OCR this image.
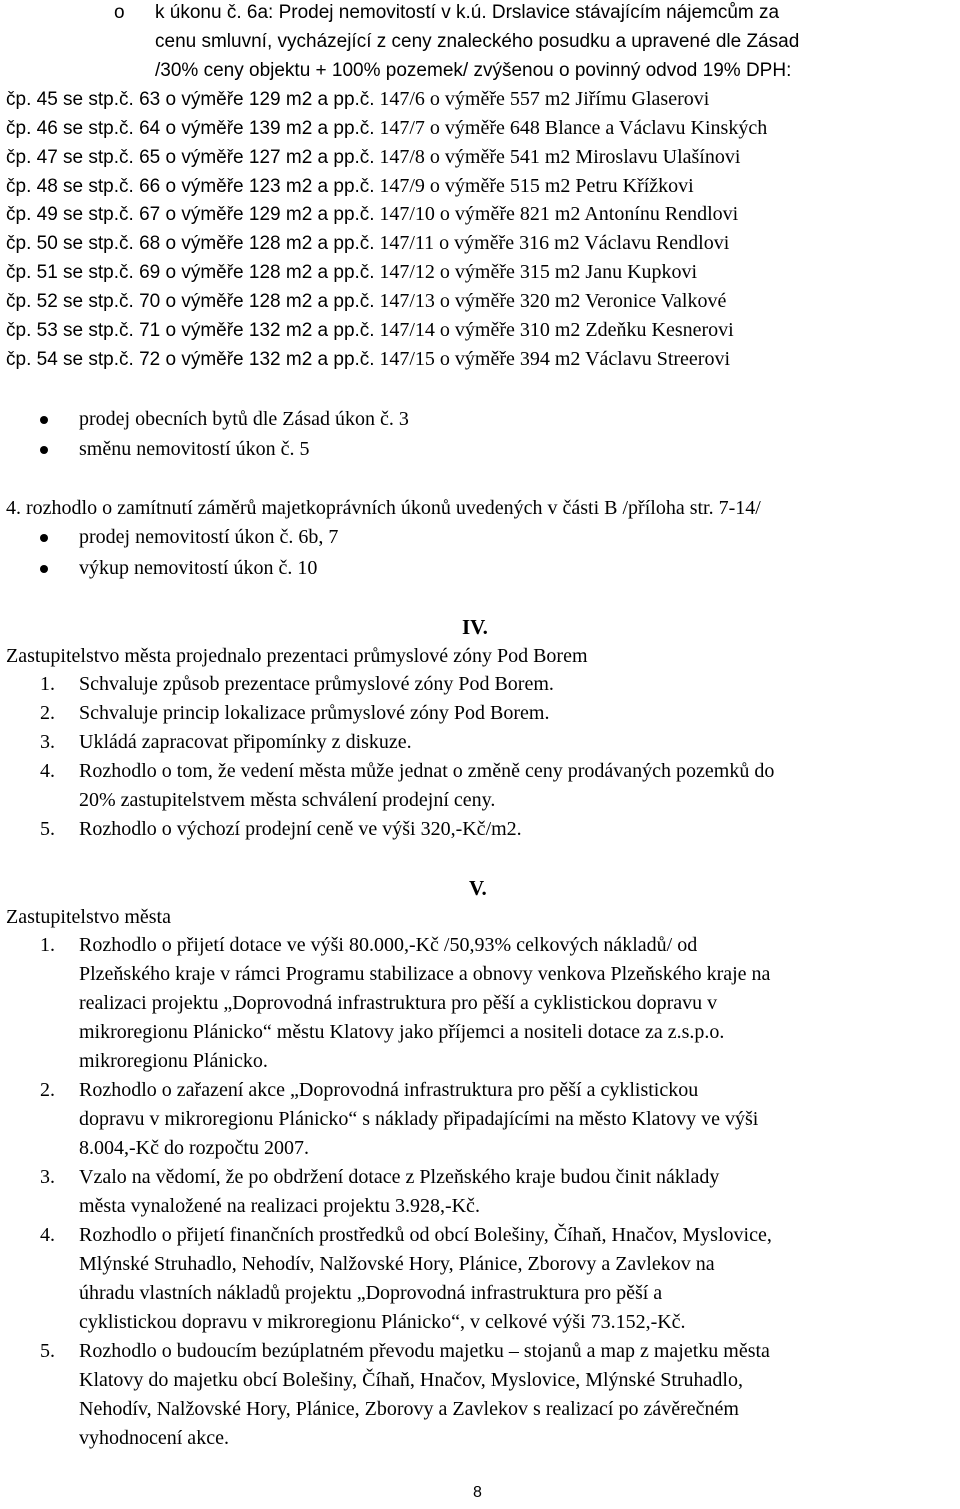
o k úkonu č. 6a: Prodej nemovitostí v k.ú. Drslavice stávajícím nájemcům za
cenu smluvní, vycházející z ceny znaleckého posudku a upravené dle Zásad
/30% ceny objektu + 100% pozemek/ zvýšenou o povinný odvod 19% DPH:
čp. 45 se stp.č. 63 o výměře 129 m2 a pp.č. 147/6 o výměře 557 m2 Jiřímu Glaserovi
čp. 46 se stp.č. 64 o výměře 139 m2 a pp.č. 147/7 o výměře 648 Blance a Václavu Kinských
čp. 47 se stp.č. 65 o výměře 127 m2 a pp.č. 147/8 o výměře 541 m2 Miroslavu Ulašínovi
čp. 48 se stp.č. 66 o výměře 123 m2 a pp.č. 147/9 o výměře 515 m2 Petru Křížkovi
čp. 49 se stp.č. 67 o výměře 129 m2 a pp.č. 147/10 o výměře 821 m2 Antonínu Rendlovi
čp. 50 se stp.č. 68 o výměře 128 m2 a pp.č. 147/11 o výměře 316 m2 Václavu Rendlovi
čp. 51 se stp.č. 69 o výměře 128 m2 a pp.č. 147/12 o výměře 315 m2 Janu Kupkovi
čp. 52 se stp.č. 70 o výměře 128 m2 a pp.č. 147/13 o výměře 320 m2 Veronice Valkové
čp. 53 se stp.č. 71 o výměře 132 m2 a pp.č. 147/14 o výměře 310 m2 Zdeňku Kesnerovi
čp. 54 se stp.č. 72 o výměře 132 m2 a pp.č. 147/15 o výměře 394 m2 Václavu Streerovi
prodej obecních bytů dle Zásad úkon č. 3
směnu nemovitostí úkon č. 5
4. rozhodlo o zamítnutí záměrů majetkoprávních úkonů uvedených v části B /příloha str. 7-14/
prodej nemovitostí úkon č. 6b, 7
výkup nemovitostí úkon č. 10
IV.
Zastupitelstvo města projednalo prezentaci průmyslové zóny Pod Borem
1. Schvaluje způsob prezentace průmyslové zóny Pod Borem.
2. Schvaluje princip lokalizace průmyslové zóny Pod Borem.
3. Ukládá zapracovat připomínky z diskuze.
4. Rozhodlo o tom, že vedení města může jednat o změně ceny prodávaných pozemků do
20% zastupitelstvem města schválení prodejní ceny.
5. Rozhodlo o výchozí prodejní ceně ve výši 320,-Kč/m2.
V.
Zastupitelstvo města
1. Rozhodlo o přijetí dotace ve výši 80.000,-Kč /50,93% celkových nákladů/ od
Plzeňského kraje v rámci Programu stabilizace a obnovy venkova Plzeňského kraje na
realizaci projektu „Doprovodná infrastruktura pro pěší a cyklistickou dopravu v
mikroregionu Plánicko“ městu Klatovy jako příjemci a nositeli dotace za z.s.p.o.
mikroregionu Plánicko.
2. Rozhodlo o zařazení akce „Doprovodná infrastruktura pro pěší a cyklistickou
dopravu v mikroregionu Plánicko“ s náklady připadajícími na město Klatovy ve výši
8.004,-Kč do rozpočtu 2007.
3. Vzalo na vědomí, že po obdržení dotace z Plzeňského kraje budou činit náklady
města vynaložené na realizaci projektu 3.928,-Kč.
4. Rozhodlo o přijetí finančních prostředků od obcí Bolešiny, Číhaň, Hnačov, Myslovice,
Mlýnské Struhadlo, Nehodív, Nalžovské Hory, Plánice, Zborovy a Zavlekov na
úhradu vlastních nákladů projektu „Doprovodná infrastruktura pro pěší a
cyklistickou dopravu v mikroregionu Plánicko“, v celkové výši 73.152,-Kč.
5. Rozhodlo o budoucím bezúplatném převodu majetku – stojanů a map z majetku města
Klatovy do majetku obcí Bolešiny, Číhaň, Hnačov, Myslovice, Mlýnské Struhadlo,
Nehodív, Nalžovské Hory, Plánice, Zborovy a Zavlekov s realizací po závěrečném
vyhodnocení akce.
8
